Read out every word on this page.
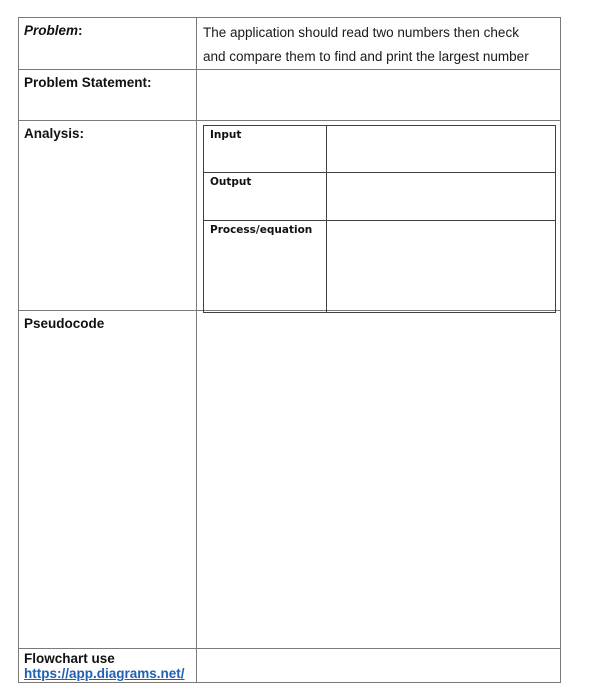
Problem:	The application should read two numbers then check
and compare them to find and print the largest number
Problem Statement:
Analysis:	Input
Output
Process/equation
Pseudocode
Flowchart use
https://app.diagrams.net/
